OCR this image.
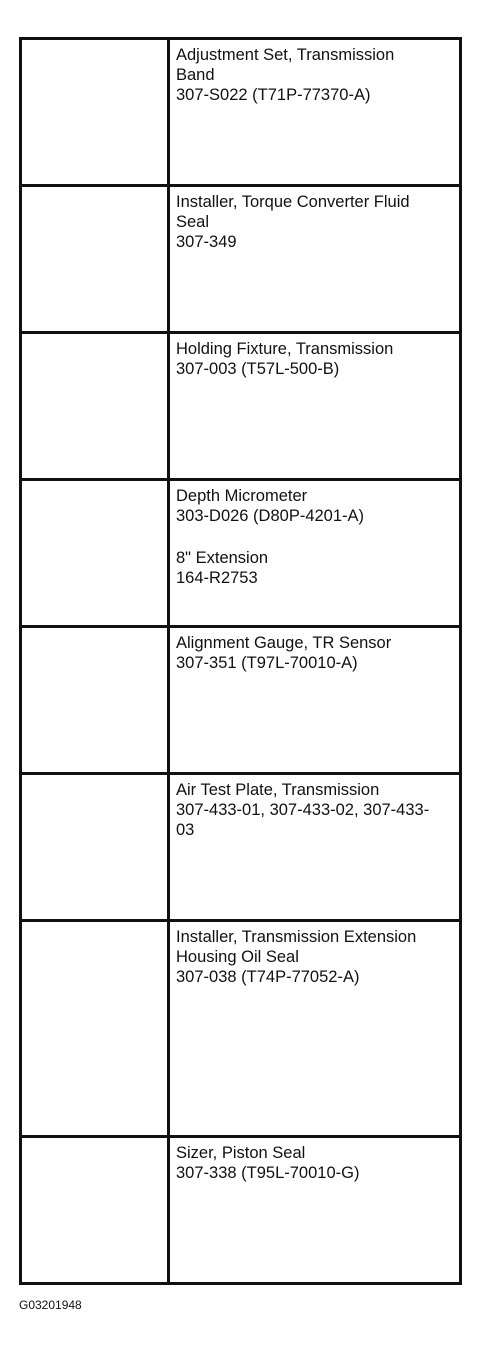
Adjustment Set, Transmission
Band
307-S022 (T71P-77370-A)

Installer, Torque Converter Fluid
Seal
307-349

Holding Fixture, Transmission
307-003 (T57L-500-B)

Depth Micrometer
303-D026 (D80P-4201-A)
8" Extension
164-R2753

Alignment Gauge, TR Sensor
307-351 (T97L-70010-A)

Air Test Plate, Transmission
307-433-01, 307-433-02, 307-433-
03

Installer, Transmission Extension
Housing Oil Seal
307-038 (T74P-77052-A)

Sizer, Piston Seal
307-338 (T95L-70010-G)
G03201948
